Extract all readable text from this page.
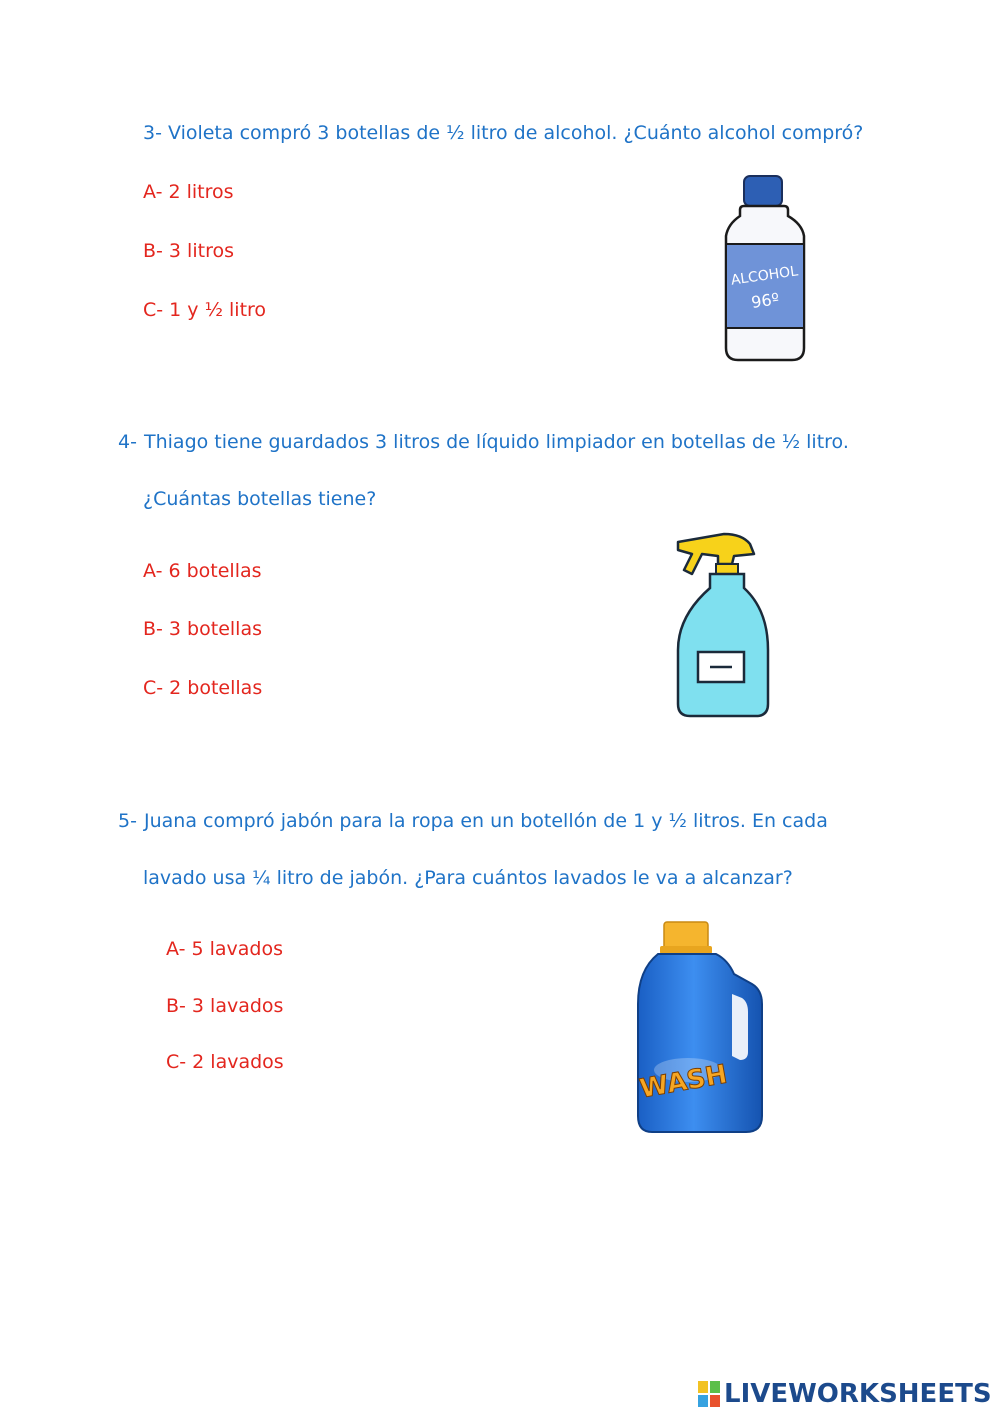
3- Violeta compró 3 botellas de ½ litro de alcohol. ¿Cuánto alcohol compró?
A- 2 litros
B- 3 litros
C- 1 y ½ litro
ALCOHOL
96º
4- Thiago tiene guardados 3 litros de líquido limpiador en botellas de ½ litro.
¿Cuántas botellas tiene?
A- 6 botellas
B- 3 botellas
C- 2 botellas
5- Juana compró jabón para la ropa en un botellón de 1 y ½ litros. En cada
lavado usa ¼ litro de jabón. ¿Para cuántos lavados le va a alcanzar?
A- 5 lavados
B- 3 lavados
C- 2 lavados	WASH
LIVEWORKSHEETS
